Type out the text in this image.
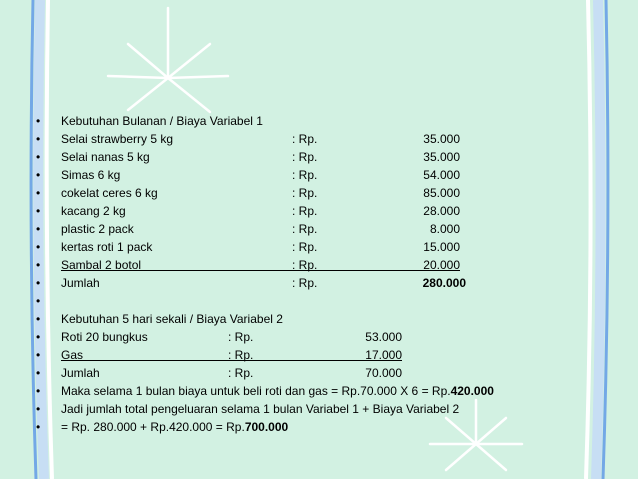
•	Kebutuhan Bulanan / Biaya Variabel 1
•	Selai strawberry 5 kg	: Rp.	35.000
•	Selai nanas 5 kg	: Rp.	35.000
•	Simas 6 kg	: Rp.	54.000
•	cokelat ceres 6 kg	: Rp.	85.000
•	kacang 2 kg	: Rp.	28.000
•	plastic 2 pack	: Rp.	8.000
•	kertas roti 1 pack	: Rp.	15.000
•	Sambal 2 botol	: Rp.	20.000
•	Jumlah	: Rp.	280.000
•
•	Kebutuhan 5 hari sekali / Biaya Variabel 2
•	Roti 20 bungkus	: Rp.	53.000
•	Gas	: Rp.	17.000
•	Jumlah	: Rp.	70.000
•	Maka selama 1 bulan biaya untuk beli roti dan gas = Rp.70.000 X 6 = Rp.420.000
•	Jadi jumlah total pengeluaran selama 1 bulan Variabel 1 + Biaya Variabel 2
•	= Rp. 280.000 + Rp.420.000 = Rp.700.000
